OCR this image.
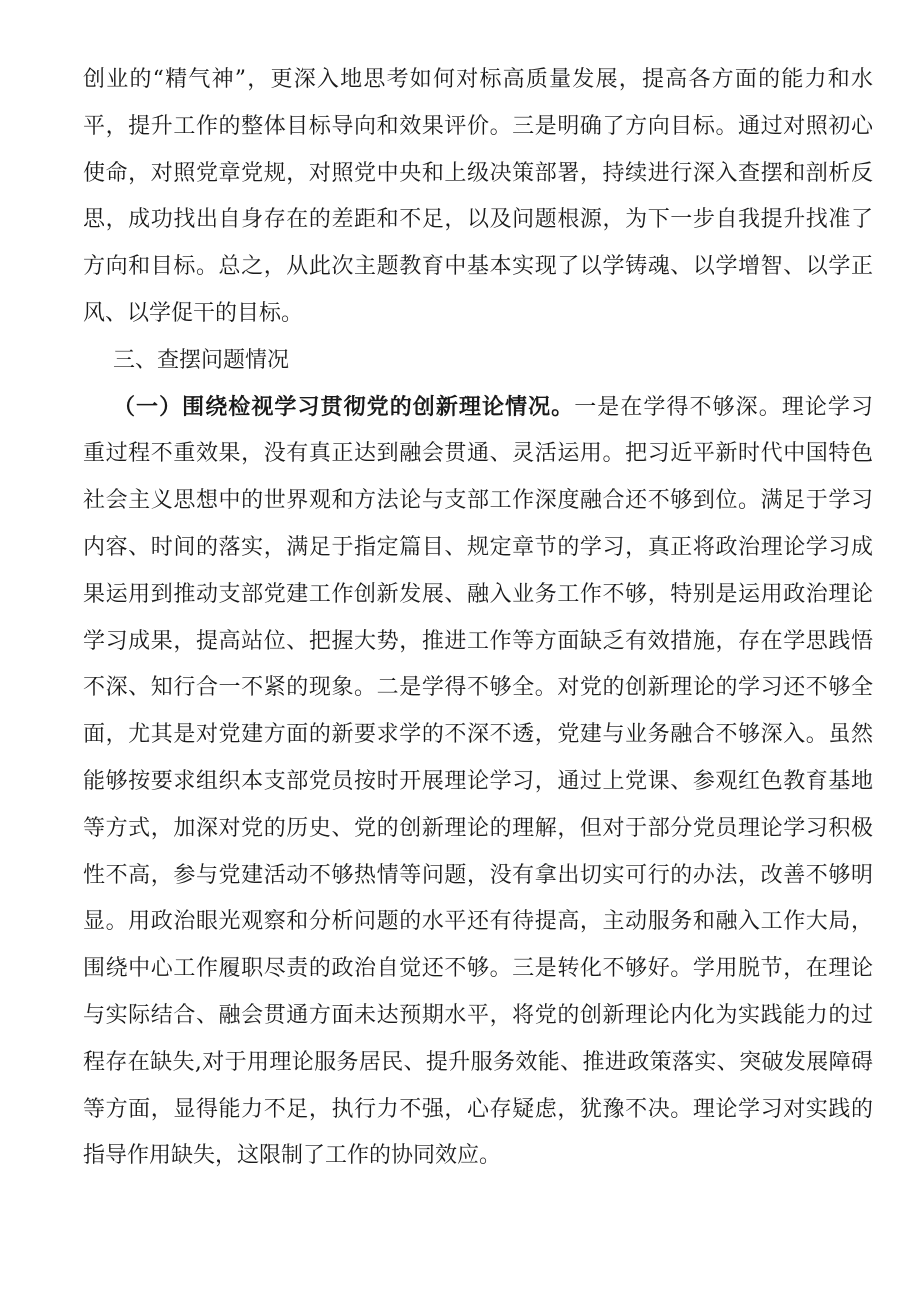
创业的“精气神”，更深入地思考如何对标高质量发展，提高各方面的能力和水
平，提升工作的整体目标导向和效果评价。三是明确了方向目标。通过对照初心
使命，对照党章党规，对照党中央和上级决策部署，持续进行深入查摆和剖析反
思，成功找出自身存在的差距和不足，以及问题根源，为下一步自我提升找准了
方向和目标。总之，从此次主题教育中基本实现了以学铸魂、以学增智、以学正
风、以学促干的目标。
三、查摆问题情况
（一）围绕检视学习贯彻党的创新理论情况。一是在学得不够深。理论学习
重过程不重效果，没有真正达到融会贯通、灵活运用。把习近平新时代中国特色
社会主义思想中的世界观和方法论与支部工作深度融合还不够到位。满足于学习
内容、时间的落实，满足于指定篇目、规定章节的学习，真正将政治理论学习成
果运用到推动支部党建工作创新发展、融入业务工作不够，特别是运用政治理论
学习成果，提高站位、把握大势，推进工作等方面缺乏有效措施，存在学思践悟
不深、知行合一不紧的现象。二是学得不够全。对党的创新理论的学习还不够全
面，尤其是对党建方面的新要求学的不深不透，党建与业务融合不够深入。虽然
能够按要求组织本支部党员按时开展理论学习，通过上党课、参观红色教育基地
等方式，加深对党的历史、党的创新理论的理解，但对于部分党员理论学习积极
性不高，参与党建活动不够热情等问题，没有拿出切实可行的办法，改善不够明
显。用政治眼光观察和分析问题的水平还有待提高，主动服务和融入工作大局，
围绕中心工作履职尽责的政治自觉还不够。三是转化不够好。学用脱节，在理论
与实际结合、融会贯通方面未达预期水平，将党的创新理论内化为实践能力的过
程存在缺失,对于用理论服务居民、提升服务效能、推进政策落实、突破发展障碍
等方面，显得能力不足，执行力不强，心存疑虑，犹豫不决。理论学习对实践的
指导作用缺失，这限制了工作的协同效应。
